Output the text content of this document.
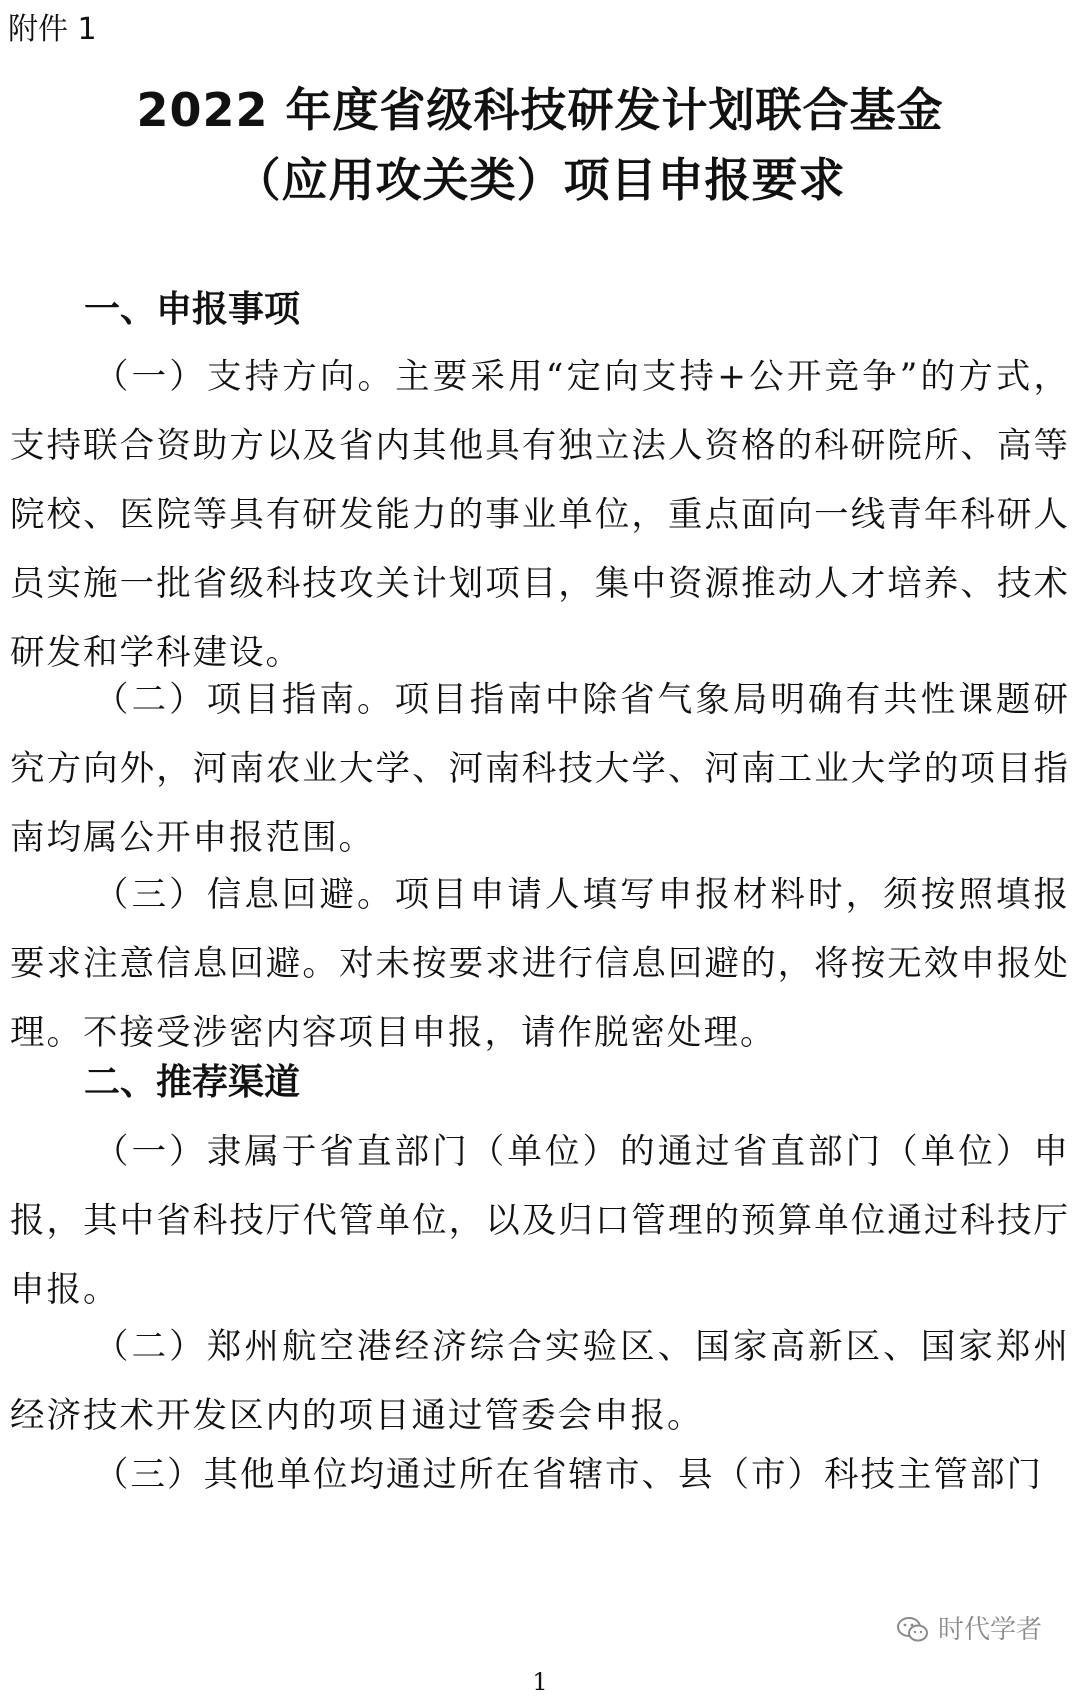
附件 1
2022 年度省级科技研发计划联合基金
（应用攻关类）项目申报要求
一、申报事项

（一）支持方向。主要采用“定向支持+公开竞争”的方式，支持联合资助方以及省内其他具有独立法人资格的科研院所、高等院校、医院等具有研发能力的事业单位，重点面向一线青年科研人员实施一批省级科技攻关计划项目，集中资源推动人才培养、技术研发和学科建设。

（二）项目指南。项目指南中除省气象局明确有共性课题研究方向外，河南农业大学、河南科技大学、河南工业大学的项目指南均属公开申报范围。

（三）信息回避。项目申请人填写申报材料时，须按照填报要求注意信息回避。对未按要求进行信息回避的，将按无效申报处理。不接受涉密内容项目申报，请作脱密处理。

二、推荐渠道

（一）隶属于省直部门（单位）的通过省直部门（单位）申报，其中省科技厅代管单位，以及归口管理的预算单位通过科技厅申报。

（二）郑州航空港经济综合实验区、国家高新区、国家郑州经济技术开发区内的项目通过管委会申报。

（三）其他单位均通过所在省辖市、县（市）科技主管部门

时代学者
1
